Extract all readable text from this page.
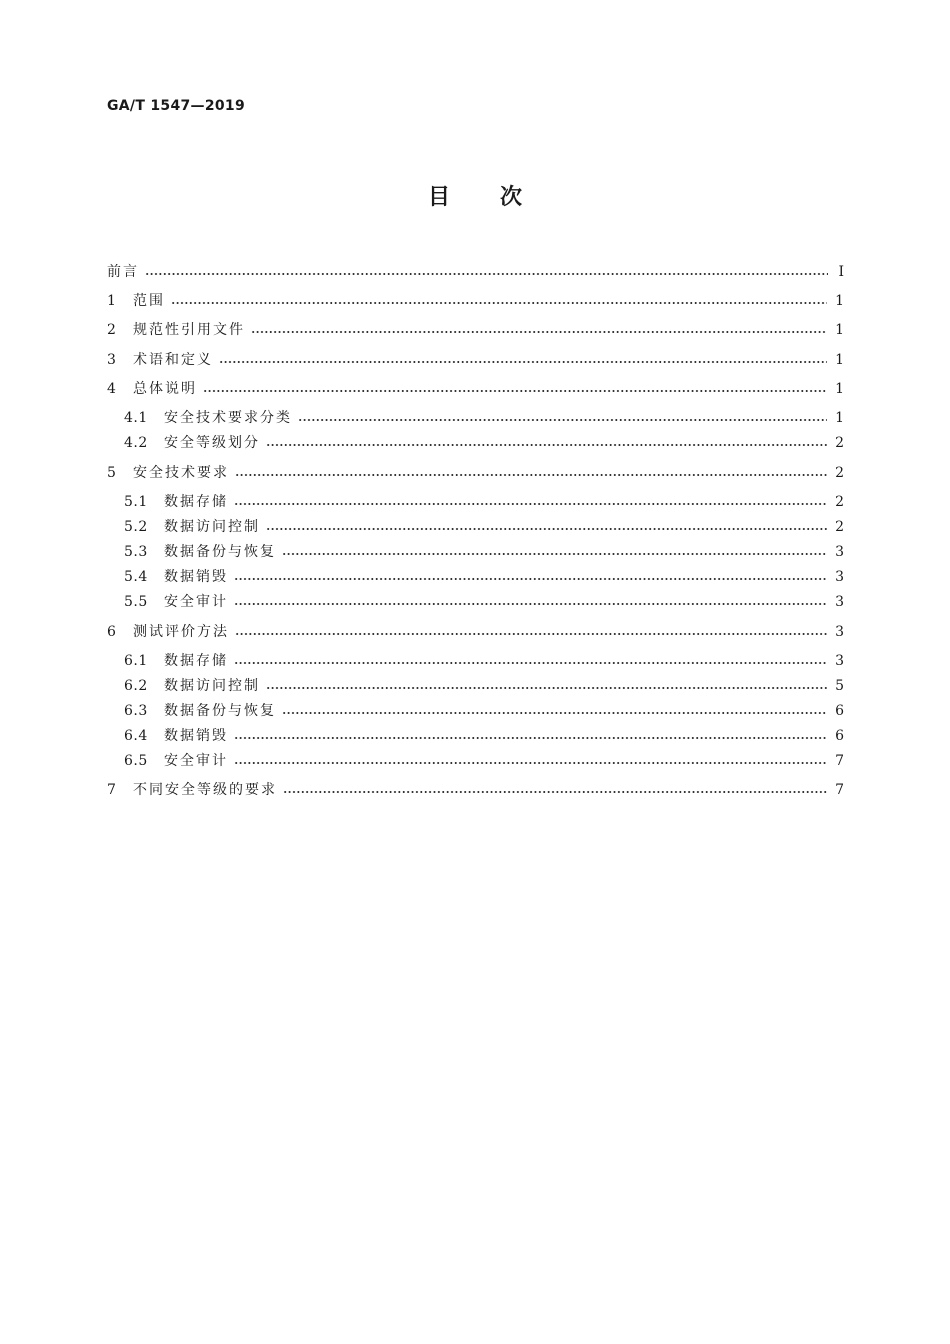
GA/T 1547—2019
目 次
前言	Ⅰ
1	范围	1
2	规范性引用文件	1
3	术语和定义	1
4	总体说明	1
4.1	安全技术要求分类	1
4.2	安全等级划分	2
5	安全技术要求	2
5.1	数据存储	2
5.2	数据访问控制	2
5.3	数据备份与恢复	3
5.4	数据销毁	3
5.5	安全审计	3
6	测试评价方法	3
6.1	数据存储	3
6.2	数据访问控制	5
6.3	数据备份与恢复	6
6.4	数据销毁	6
6.5	安全审计	7
7	不同安全等级的要求	7
